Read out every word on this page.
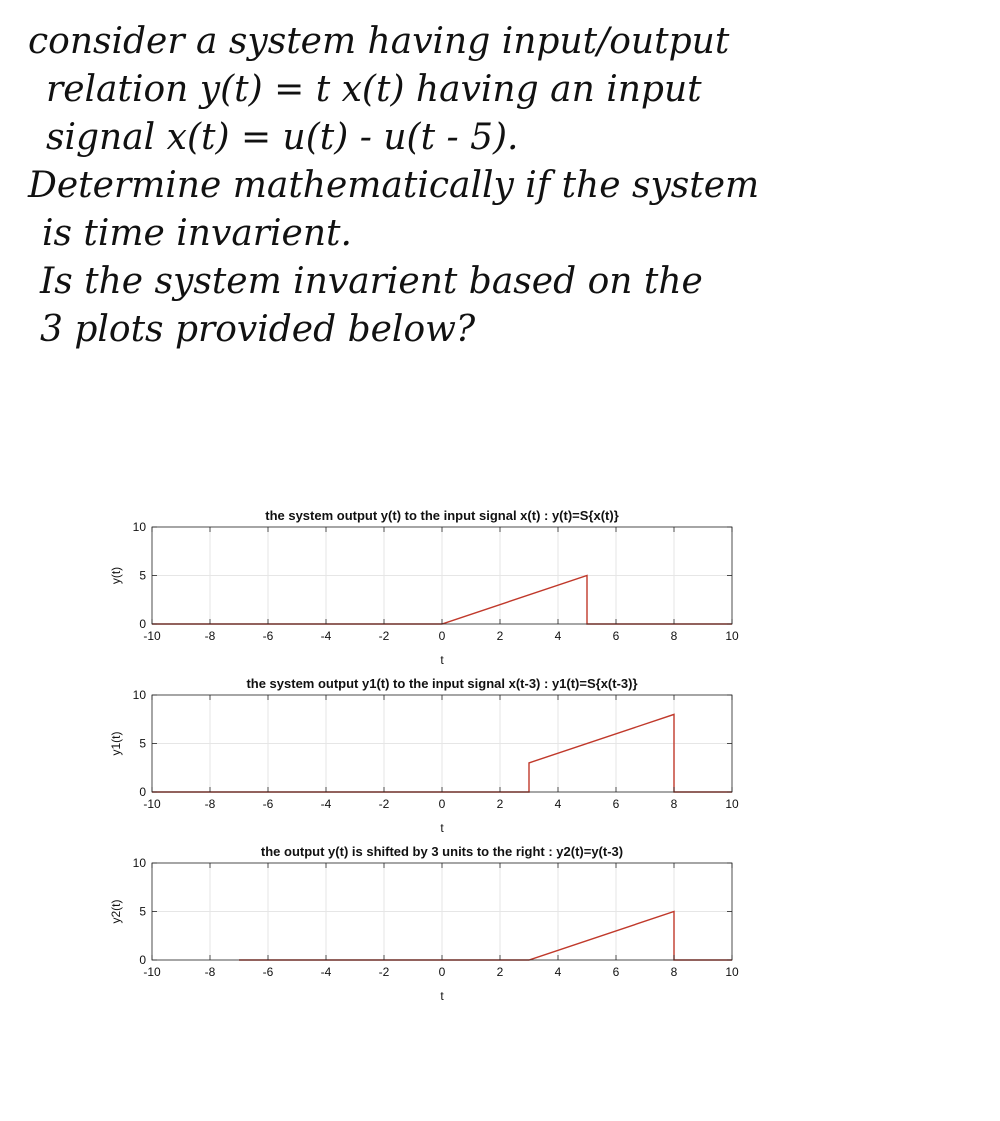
consider a system having input/output
relation y(t) = t x(t) having an input
signal x(t) = u(t) - u(t - 5).
Determine mathematically if the system
is time invarient.
Is the system invarient based on the
3 plots provided below?
-10	-8	-6	-4	-2	0	2	4	6	8	10
0
5
10
the system output y(t) to the input signal x(t) : y(t)=S{x(t)}
t
y(t)
-10	-8	-6	-4	-2	0	2	4	6	8	10
0
5
10
the system output y1(t) to the input signal x(t-3) : y1(t)=S{x(t-3)}
t
y1(t)
-10	-8	-6	-4	-2	0	2	4	6	8	10
0
5
10
the output y(t) is shifted by 3 units to the right : y2(t)=y(t-3)
t
y2(t)
